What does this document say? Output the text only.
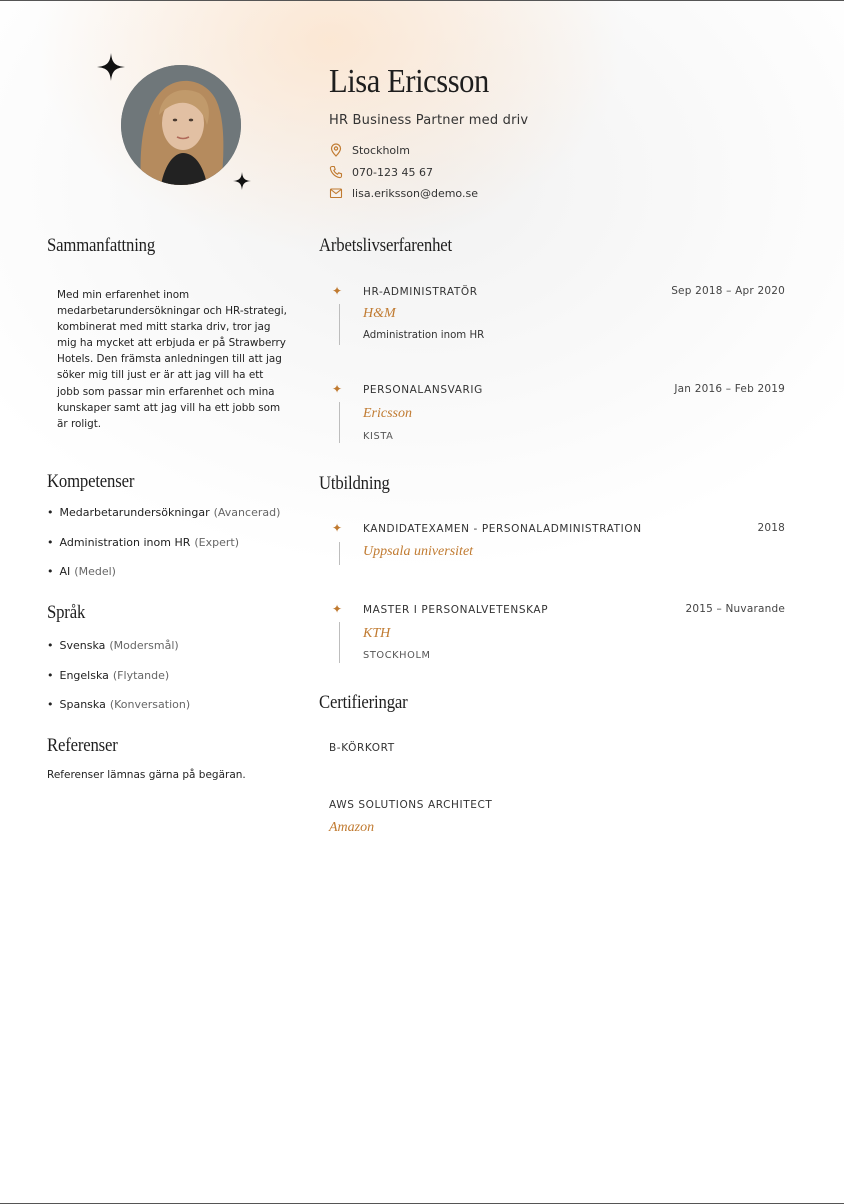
Lisa Ericsson
HR Business Partner med driv
Stockholm
070-123 45 67
lisa.eriksson@demo.se
Sammanfattning
Med min erfarenhet inom medarbetarundersökningar och HR-strategi, kombinerat med mitt starka driv, tror jag mig ha mycket att erbjuda er på Strawberry Hotels. Den främsta anledningen till att jag söker mig till just er är att jag vill ha ett jobb som passar min erfarenhet och mina kunskaper samt att jag vill ha ett jobb som är roligt.
Kompetenser
• Medarbetarundersökningar (Avancerad)
• Administration inom HR (Expert)
• AI (Medel)
Språk
• Svenska (Modersmål)
• Engelska (Flytande)
• Spanska (Konversation)
Referenser
Referenser lämnas gärna på begäran.
Arbetslivserfarenhet
✦ HR-ADMINISTRATÖR	Sep 2018 – Apr 2020
H&M
Administration inom HR
✦ PERSONALANSVARIG	Jan 2016 – Feb 2019
Ericsson
KISTA
Utbildning
✦ KANDIDATEXAMEN - PERSONALADMINISTRATION	2018
Uppsala universitet
✦ MASTER I PERSONALVETENSKAP	2015 – Nuvarande
KTH
STOCKHOLM
Certifieringar
B-KÖRKORT
AWS SOLUTIONS ARCHITECT
Amazon
